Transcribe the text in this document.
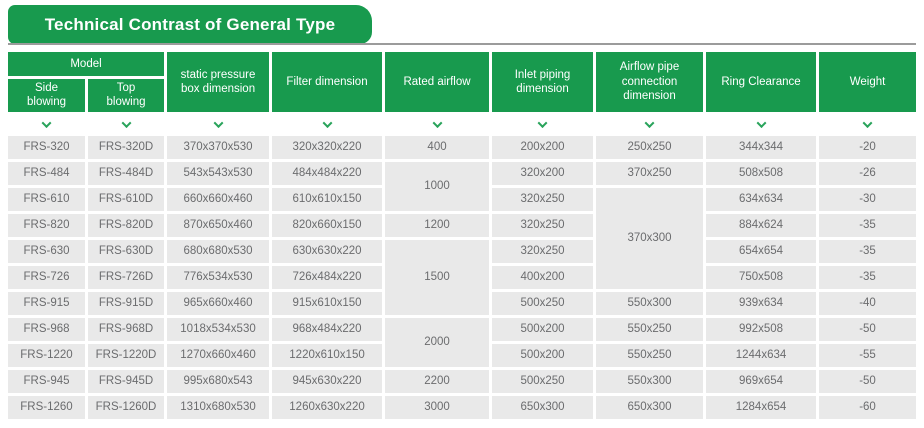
Technical Contrast of General Type
Model		static pressure box dimension	Filter dimension	Rated airflow	Inlet piping dimension	Airflow pipe connection dimension	Ring Clearance	Weight
Side blowing	Top blowing							

FRS-320	FRS-320D	370x370x530	320x320x220	400	200x200	250x250	344x344	-20
FRS-484	FRS-484D	543x543x530	484x484x220	1000	320x200	370x250	508x508	-26
FRS-610	FRS-610D	660x660x460	610x610x150		320x250	370x300	634x634	-30
FRS-820	FRS-820D	870x650x460	820x660x150	1200	320x250		884x624	-35
FRS-630	FRS-630D	680x680x530	630x630x220	1500	320x250		654x654	-35
FRS-726	FRS-726D	776x534x530	726x484x220		400x200		750x508	-35
FRS-915	FRS-915D	965x660x460	915x610x150		500x250	550x300	939x634	-40
FRS-968	FRS-968D	1018x534x530	968x484x220	2000	500x200	550x250	992x508	-50
FRS-1220	FRS-1220D	1270x660x460	1220x610x150		500x200	550x250	1244x634	-55
FRS-945	FRS-945D	995x680x543	945x630x220	2200	500x250	550x300	969x654	-50
FRS-1260	FRS-1260D	1310x680x530	1260x630x220	3000	650x300	650x300	1284x654	-60
